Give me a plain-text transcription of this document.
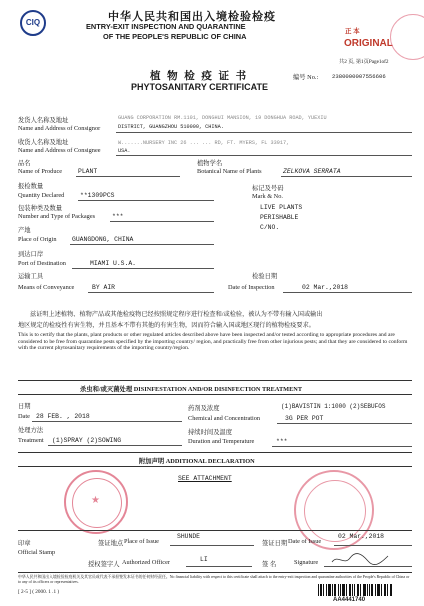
CIQ	中华人民共和国出入境检验检疫
ENTRY-EXIT INSPECTION AND QUARANTINE
OF THE PEOPLE'S REPUBLIC OF CHINA
正 本
ORIGINAL
共2 页, 第1页Page1of2
植 物 检 疫 证 书
PHYTOSANITARY CERTIFICATE
编号 No.: 2380000007556606
发货人名称及地址
Name and Address of Consignor
GUANG CORPORATION RM.1101, DONGHUI MANSION, 19 DONGHUA ROAD, YUEXIU
DISTRICT, GUANGZHOU 510000, CHINA.
收货人名称及地址
Name and Address of Consignee
W.......NURSERY INC 26 ... ... RD, FT. MYERS, FL 33917,
USA.
品名
Name of Produce PLANT
植物学名
Botanical Name of Plants	ZELKOVA SERRATA
报检数量
Quantity Declared **1309PCS
标记及号码
Mark & No.
LIVE PLANTS
PERISHABLE
C/NO.
包装种类及数量
Number and Type of Packages	***
产地
Place of Origin GUANGDONG, CHINA
到达口岸
Port of Destination	MIAMI U.S.A.
运输工具
Means of Conveyance	BY AIR
检验日期
Date of Inspection	02 Mar.,2018
兹证明上述植物、植物产品或其他检疫物已经按照规定程序进行检查和/或检验，被认为不带有输入国或输出
地区规定的检疫性有害生物，并且基本不带有其他的有害生物，因而符合输入国或地区现行的植物检疫要求。
This is to certify that the plants, plant products or other regulated articles described above have been inspected and/or tested according to appropriate procedures and are considered to be free from quarantine pests specified by the importing country/ region, and practically free from other injurious pests; and that they are considered to conform with the current phytosanitary requirements of the importing country/region.
杀虫和/或灭菌处理 DISINFESTATION AND/OR DISINFECTION TREATMENT
日期
Date 28 FEB. , 2018
药剂及浓度
Chemical and Concentration
(1)BAVISTIN 1:1000 (2)SEBUFOS
3G PER POT
处理方法
Treatment (1)SPRAY (2)SOWING
持续时间及温度
Duration and Temperature	***
附加声明 ADDITIONAL DECLARATION
SEE ATTACHMENT
★
印章
Official Stamp
签证地点 Place of Issue
SHUNDE
签证日期 Date of Issue
02 Mar.,2018
授权签字人 Authorized Officer	LI
签 名	Signature
中华人民共和国出入境检验检疫机关及其官员或代表不承担签发本证书的任何财经责任。No financial liability with respect to this certificate shall attach to the entry-exit inspection and quarantine authorities of the People's Republic of China or to any of its officers or representatives.
[ 2-5 ] ( 2000. 1 .1 )
AA4441740
